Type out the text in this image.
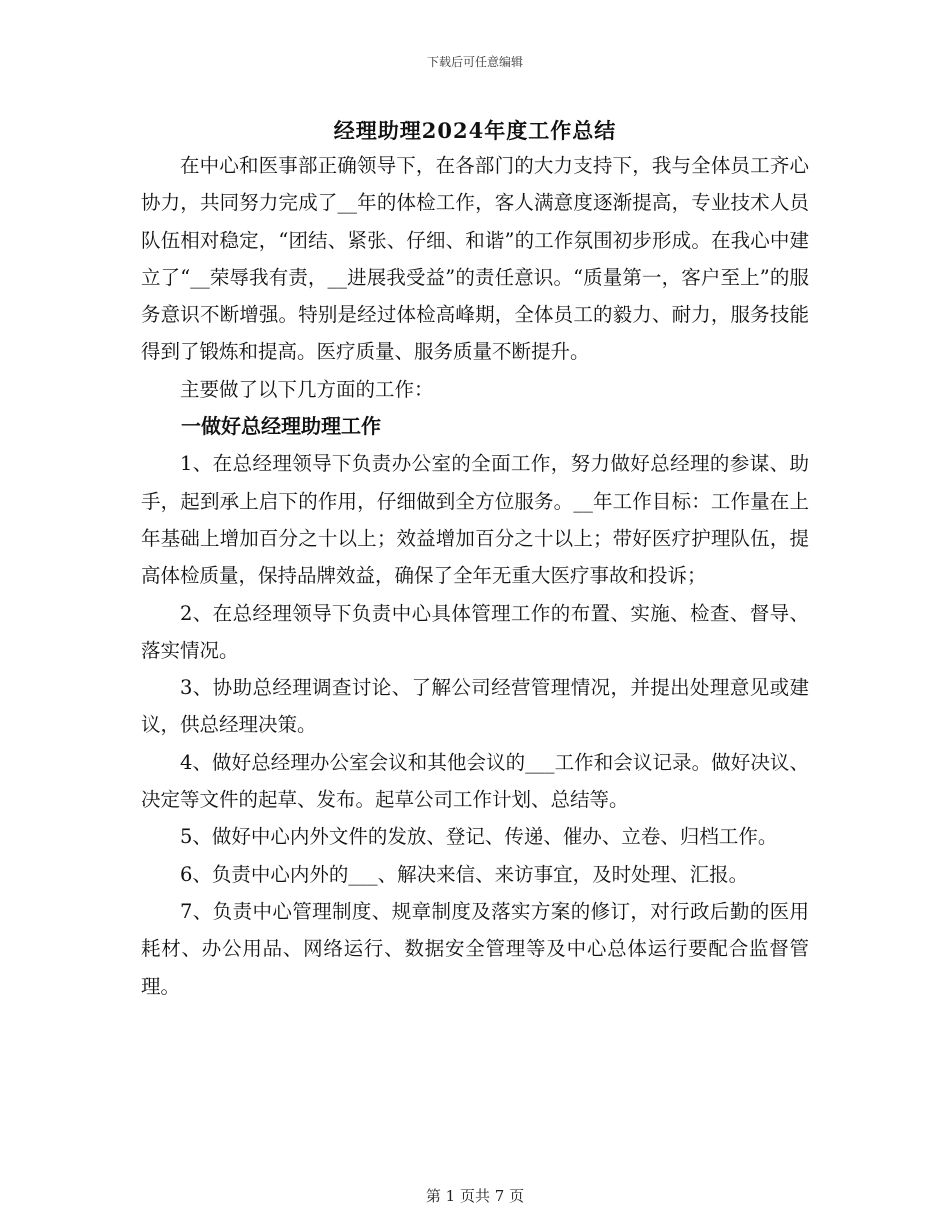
下载后可任意编辑
经理助理2024年度工作总结

在中心和医事部正确领导下，在各部门的大力支持下，我与全体员工齐心协力，共同努力完成了__年的体检工作，客人满意度逐渐提高，专业技术人员队伍相对稳定，“团结、紧张、仔细、和谐”的工作氛围初步形成。在我心中建立了“__荣辱我有责，__进展我受益”的责任意识。“质量第一，客户至上”的服务意识不断增强。特别是经过体检高峰期，全体员工的毅力、耐力，服务技能得到了锻炼和提高。医疗质量、服务质量不断提升。

主要做了以下几方面的工作：

一做好总经理助理工作

1、在总经理领导下负责办公室的全面工作，努力做好总经理的参谋、助手，起到承上启下的作用，仔细做到全方位服务。__年工作目标：工作量在上年基础上增加百分之十以上；效益增加百分之十以上；带好医疗护理队伍，提高体检质量，保持品牌效益，确保了全年无重大医疗事故和投诉；

2、在总经理领导下负责中心具体管理工作的布置、实施、检查、督导、落实情况。

3、协助总经理调查讨论、了解公司经营管理情况，并提出处理意见或建议，供总经理决策。

4、做好总经理办公室会议和其他会议的___工作和会议记录。做好决议、决定等文件的起草、发布。起草公司工作计划、总结等。

5、做好中心内外文件的发放、登记、传递、催办、立卷、归档工作。

6、负责中心内外的___、解决来信、来访事宜，及时处理、汇报。

7、负责中心管理制度、规章制度及落实方案的修订，对行政后勤的医用耗材、办公用品、网络运行、数据安全管理等及中心总体运行要配合监督管理。

第 1 页共 7 页
